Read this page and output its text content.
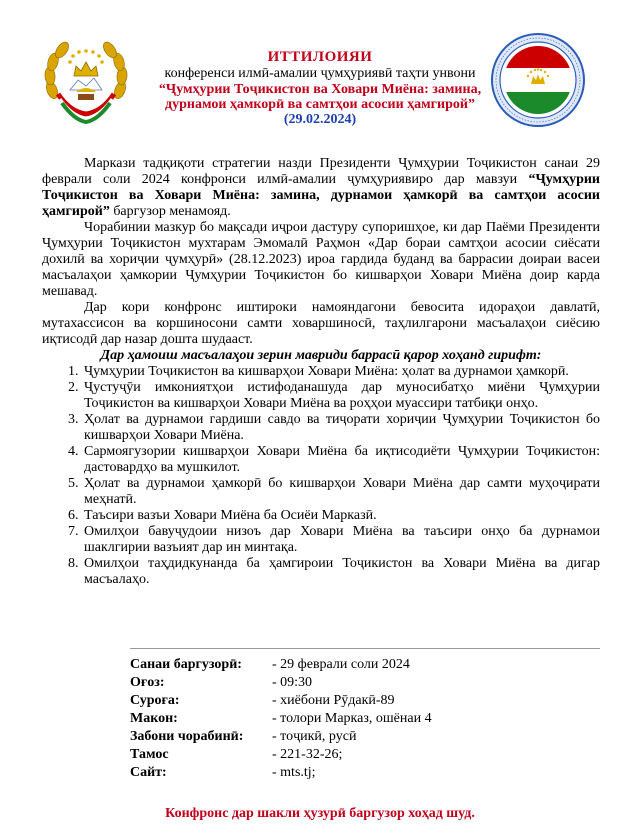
ИТТИЛОИЯИ
конференси илмӣ-амалии ҷумҳуриявӣ таҳти унвони
“Ҷумҳурии Тоҷикистон ва Ховари Миёна: замина,
дурнамои ҳамкорӣ ва самтҳои асосии ҳамгирой”
(29.02.2024)

Маркази тадқиқоти стратегии назди Президенти Ҷумҳурии Тоҷикистон санаи 29 феврали соли 2024 конфронси илмӣ-амалии ҷумҳуриявиро дар мавзуи “Ҷумҳурии Тоҷикистон ва Ховари Миёна: замина, дурнамои ҳамкорӣ ва самтҳои асосии ҳамгирой” баргузор менамояд.

Чорабинии мазкур бо мақсади иҷрои дастуру супоришҳое, ки дар Паёми Президенти Ҷумҳурии Тоҷикистон мухтарам Эмомалӣ Раҳмон «Дар бораи самтҳои асосии сиёсати дохилӣ ва хориҷии ҷумҳурӣ» (28.12.2023) ироа гардида буданд ва баррасии доираи васеи масъалаҳои ҳамкории Ҷумҳурии Тоҷикистон бо кишварҳои Ховари Миёна доир карда мешавад.

Дар кори конфронс иштироки намояндагони бевосита идораҳои давлатӣ, мутахассисон ва коршиносони самти ховаршиносӣ, таҳлилгарони масъалаҳои сиёсию иқтисодӣ дар назар дошта шудааст.

Дар ҳамоиш масъалаҳои зерин мавриди баррасӣ қарор хоҳанд гирифт:

1. Ҷумҳурии Тоҷикистон ва кишварҳои Ховари Миёна: ҳолат ва дурнамои ҳамкорӣ.
2. Ҷустуҷӯи имкониятҳои истифоданашуда дар муносибатҳо миёни Ҷумҳурии Тоҷикистон ва кишварҳои Ховари Миёна ва роҳҳои муассири татбиқи онҳо.
3. Ҳолат ва дурнамои гардиши савдо ва тиҷорати хориҷии Ҷумҳурии Тоҷикистон бо кишварҳои Ховари Миёна.
4. Сармоягузории кишварҳои Ховари Миёна ба иқтисодиёти Ҷумҳурии Тоҷикистон: дастовардҳо ва мушкилот.
5. Ҳолат ва дурнамои ҳамкорӣ бо кишварҳои Ховари Миёна дар самти муҳоҷирати меҳнатӣ.
6. Таъсири вазъи Ховари Миёна ба Осиёи Марказӣ.
7. Омилҳои бавуҷудоии низоъ дар Ховари Миёна ва таъсири онҳо ба дурнамои шаклгирии вазъият дар ин минтақа.
8. Омилҳои таҳдидкунанда ба ҳамгироии Тоҷикистон ва Ховари Миёна ва дигар масъалаҳо.
Санаи баргузорӣ:	- 29 феврали соли 2024
Оғоз:	- 09:30
Суроға:	- хиёбони Рӯдакӣ-89
Макон:	- толори Марказ, ошёнаи 4
Забони чорабинӣ:	- тоҷикӣ, русӣ
Тамос	- 221-32-26;
Сайт:	- mts.tj;
Конфронс дар шакли ҳузурӣ баргузор хоҳад шуд.
